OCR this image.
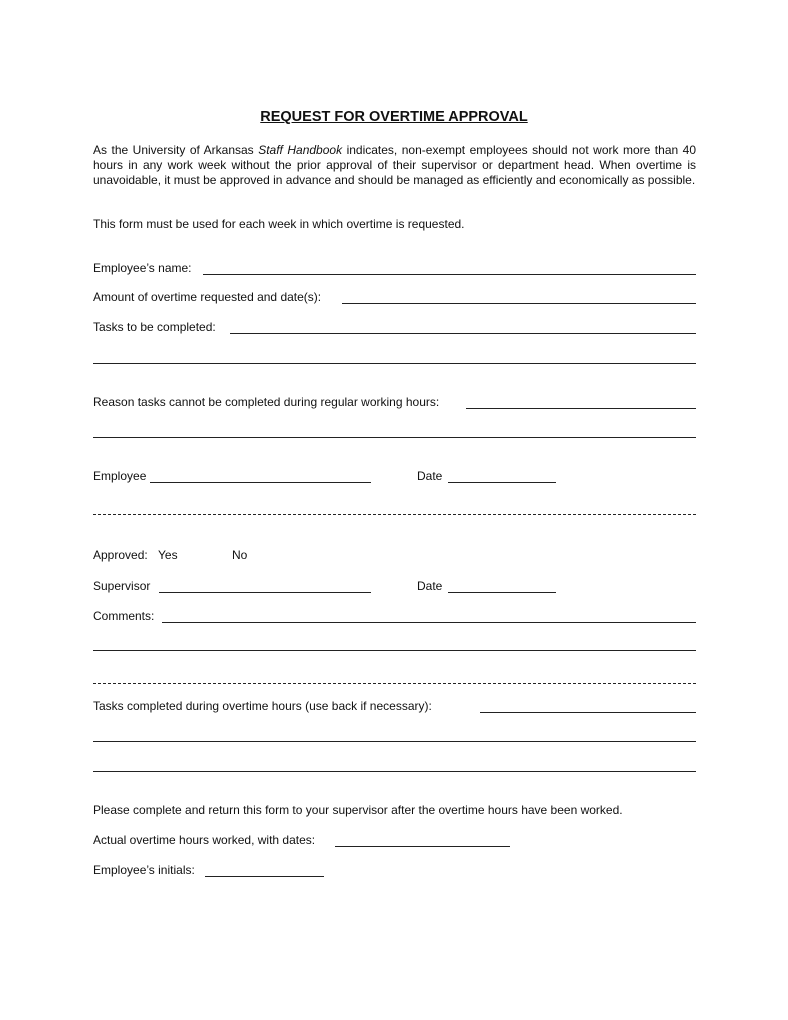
REQUEST FOR OVERTIME APPROVAL
As the University of Arkansas Staff Handbook indicates, non-exempt employees should not work more than 40 hours in any work week without the prior approval of their supervisor or department head. When overtime is unavoidable, it must be approved in advance and should be managed as efficiently and economically as possible.
This form must be used for each week in which overtime is requested.
Employee’s name:
Amount of overtime requested and date(s):
Tasks to be completed:
Reason tasks cannot be completed during regular working hours:
Employee	Date
Approved: Yes	No
Supervisor	Date
Comments:
Tasks completed during overtime hours (use back if necessary):
Please complete and return this form to your supervisor after the overtime hours have been worked.
Actual overtime hours worked, with dates:
Employee’s initials:
